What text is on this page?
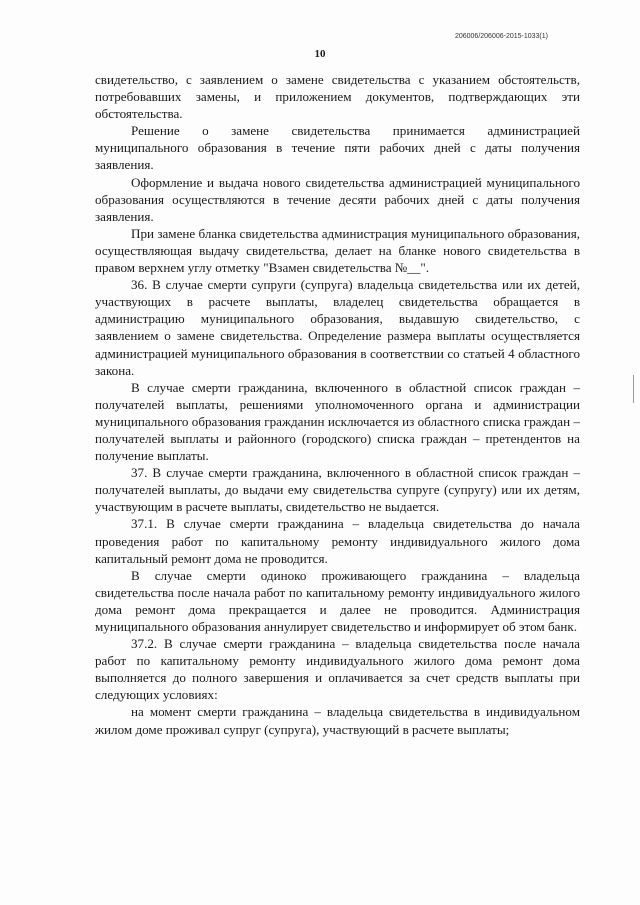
206006/206006-2015-1033(1)
10

свидетельство, с заявлением о замене свидетельства с указанием обстоятельств, потребовавших замены, и приложением документов, подтверждающих эти обстоятельства.

Решение о замене свидетельства принимается администрацией муниципального образования в течение пяти рабочих дней с даты получения заявления.

Оформление и выдача нового свидетельства администрацией муниципального образования осуществляются в течение десяти рабочих дней с даты получения заявления.

При замене бланка свидетельства администрация муниципального образования, осуществляющая выдачу свидетельства, делает на бланке нового свидетельства в правом верхнем углу отметку "Взамен свидетельства №__".

36. В случае смерти супруги (супруга) владельца свидетельства или их детей, участвующих в расчете выплаты, владелец свидетельства обращается в администрацию муниципального образования, выдавшую свидетельство, с заявлением о замене свидетельства. Определение размера выплаты осуществляется администрацией муниципального образования в соответствии со статьей 4 областного закона.

В случае смерти гражданина, включенного в областной список граждан – получателей выплаты, решениями уполномоченного органа и администрации муниципального образования гражданин исключается из областного списка граждан – получателей выплаты и районного (городского) списка граждан – претендентов на получение выплаты.

37. В случае смерти гражданина, включенного в областной список граждан – получателей выплаты, до выдачи ему свидетельства супруге (супругу) или их детям, участвующим в расчете выплаты, свидетельство не выдается.

37.1. В случае смерти гражданина – владельца свидетельства до начала проведения работ по капитальному ремонту индивидуального жилого дома капитальный ремонт дома не проводится.

В случае смерти одиноко проживающего гражданина – владельца свидетельства после начала работ по капитальному ремонту индивидуального жилого дома ремонт дома прекращается и далее не проводится. Администрация муниципального образования аннулирует свидетельство и информирует об этом банк.

37.2. В случае смерти гражданина – владельца свидетельства после начала работ по капитальному ремонту индивидуального жилого дома ремонт дома выполняется до полного завершения и оплачивается за счет средств выплаты при следующих условиях:

на момент смерти гражданина – владельца свидетельства в индивидуальном жилом доме проживал супруг (супруга), участвующий в расчете выплаты;
